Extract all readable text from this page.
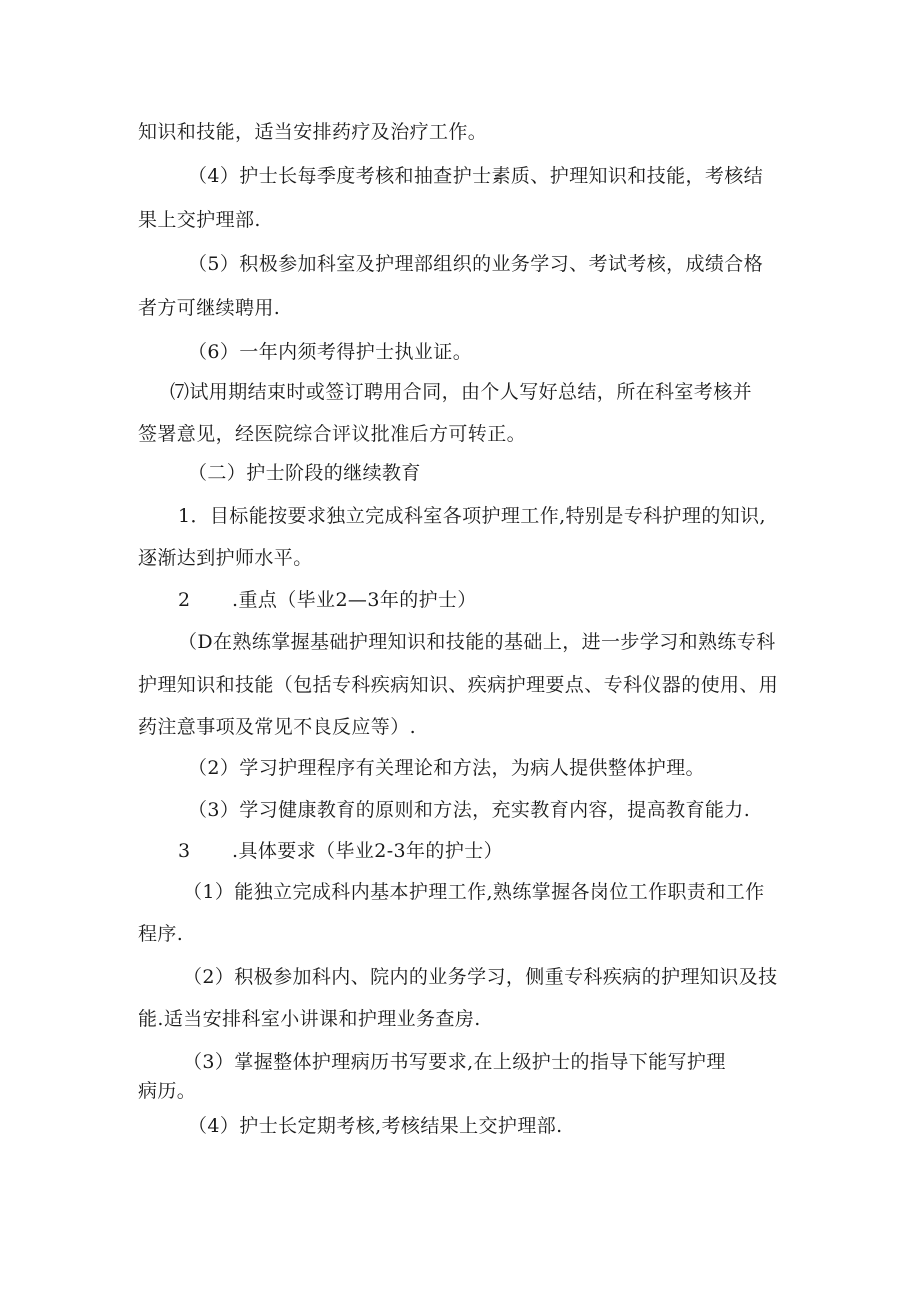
知识和技能，适当安排药疗及治疗工作。
（4）护士长每季度考核和抽查护士素质、护理知识和技能，考核结
果上交护理部.
（5）积极参加科室及护理部组织的业务学习、考试考核，成绩合格
者方可继续聘用.
（6）一年内须考得护士执业证。
⑺试用期结束时或签订聘用合同，由个人写好总结，所在科室考核并
签署意见，经医院综合评议批准后方可转正。
（二）护士阶段的继续教育
1．目标能按要求独立完成科室各项护理工作,特别是专科护理的知识,
逐渐达到护师水平。
2 .重点（毕业2—3年的护士）
（D在熟练掌握基础护理知识和技能的基础上，进一步学习和熟练专科
护理知识和技能（包括专科疾病知识、疾病护理要点、专科仪器的使用、用
药注意事项及常见不良反应等）.
（2）学习护理程序有关理论和方法，为病人提供整体护理。
（3）学习健康教育的原则和方法，充实教育内容，提高教育能力.
3 .具体要求（毕业2-3年的护士）
（1）能独立完成科内基本护理工作,熟练掌握各岗位工作职责和工作
程序.
（2）积极参加科内、院内的业务学习，侧重专科疾病的护理知识及技
能.适当安排科室小讲课和护理业务查房.
（3）掌握整体护理病历书写要求,在上级护士的指导下能写护理
病历。
（4）护士长定期考核,考核结果上交护理部.
